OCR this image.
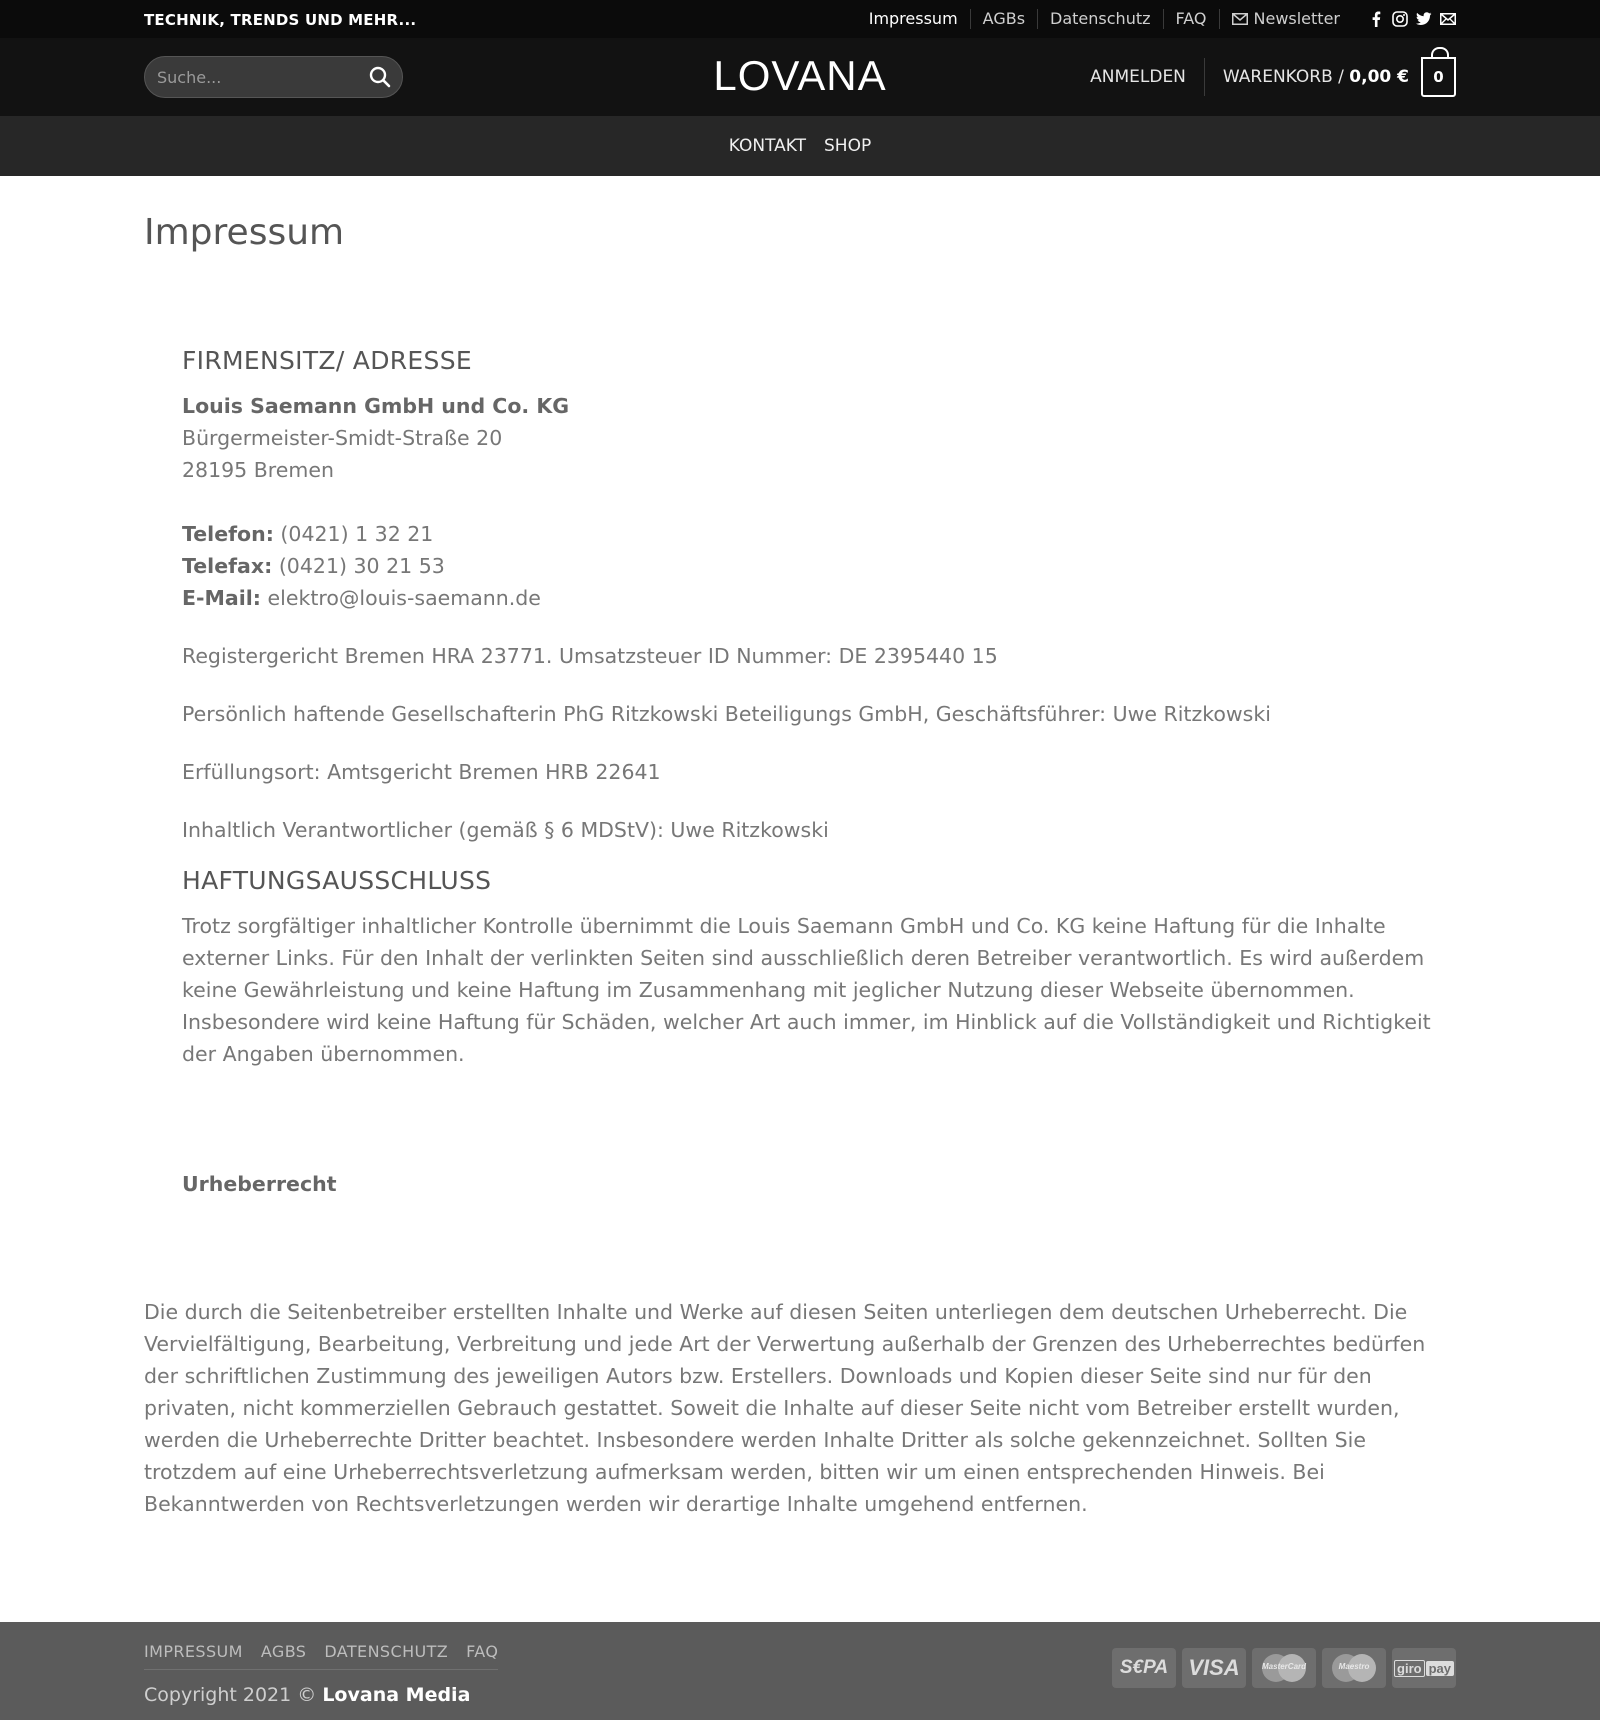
TECHNIK, TRENDS UND MEHR...	Impressum	AGBs	Datenschutz	FAQ	Newsletter
Suche...
LOVANA	ANMELDEN	WARENKORB / 0,00 € 0
KONTAKT	SHOP
Impressum
FIRMENSITZ/ ADRESSE

Louis Saemann GmbH und Co. KG
Bürgermeister-Smidt-Straße 20
28195 Bremen

Telefon: (0421) 1 32 21
Telefax: (0421) 30 21 53
E-Mail: elektro@louis-saemann.de

Registergericht Bremen HRA 23771. Umsatzsteuer ID Nummer: DE 2395440 15

Persönlich haftende Gesellschafterin PhG Ritzkowski Beteiligungs GmbH, Geschäftsführer: Uwe Ritzkowski

Erfüllungsort: Amtsgericht Bremen HRB 22641

Inhaltlich Verantwortlicher (gemäß § 6 MDStV): Uwe Ritzkowski

HAFTUNGSAUSSCHLUSS

Trotz sorgfältiger inhaltlicher Kontrolle übernimmt die Louis Saemann GmbH und Co. KG keine Haftung für die Inhalte externer Links. Für den Inhalt der verlinkten Seiten sind ausschließlich deren Betreiber verantwortlich. Es wird außerdem keine Gewährleistung und keine Haftung im Zusammenhang mit jeglicher Nutzung dieser Webseite übernommen. Insbesondere wird keine Haftung für Schäden, welcher Art auch immer, im Hinblick auf die Vollständigkeit und Richtigkeit der Angaben übernommen.

Urheberrecht
Die durch die Seitenbetreiber erstellten Inhalte und Werke auf diesen Seiten unterliegen dem deutschen Urheberrecht. Die Vervielfältigung, Bearbeitung, Verbreitung und jede Art der Verwertung außerhalb der Grenzen des Urheberrechtes bedürfen der schriftlichen Zustimmung des jeweiligen Autors bzw. Erstellers. Downloads und Kopien dieser Seite sind nur für den privaten, nicht kommerziellen Gebrauch gestattet. Soweit die Inhalte auf dieser Seite nicht vom Betreiber erstellt wurden, werden die Urheberrechte Dritter beachtet. Insbesondere werden Inhalte Dritter als solche gekennzeichnet. Sollten Sie trotzdem auf eine Urheberrechtsverletzung aufmerksam werden, bitten wir um einen entsprechenden Hinweis. Bei Bekanntwerden von Rechtsverletzungen werden wir derartige Inhalte umgehend entfernen.
IMPRESSUM AGBS DATENSCHUTZ FAQ
Copyright 2021 © Lovana Media
S€PA VISA	MasterCard	Maestro	giro pay
